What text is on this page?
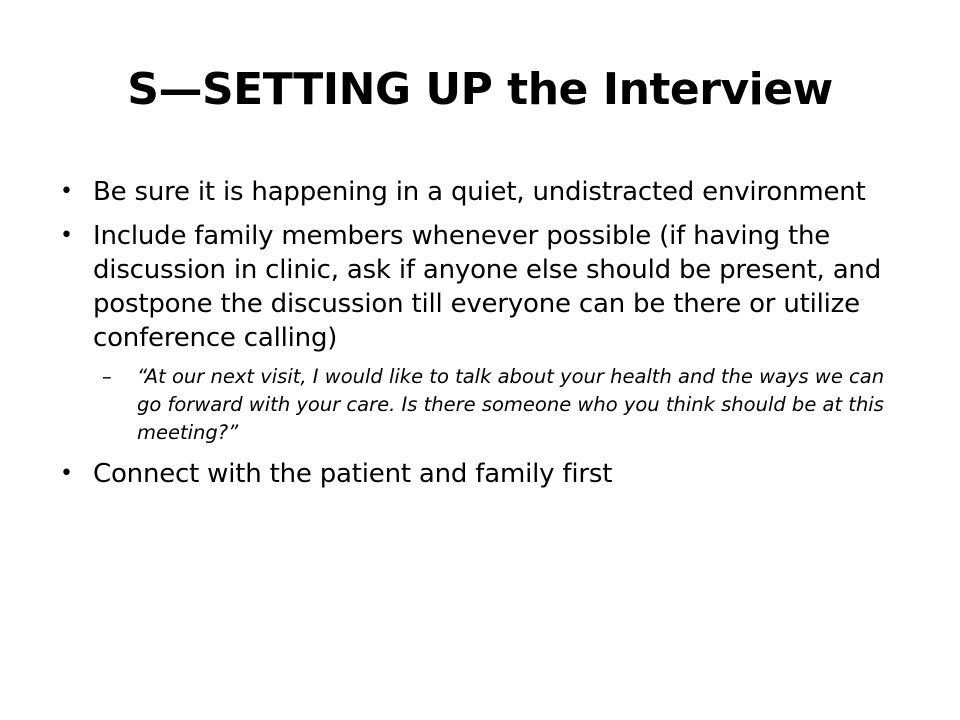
S—SETTING UP the Interview
• Be sure it is happening in a quiet, undistracted environment
• Include family members whenever possible (if having the discussion in clinic, ask if anyone else should be present, and postpone the discussion till everyone can be there or utilize conference calling)
– “At our next visit, I would like to talk about your health and the ways we can go forward with your care. Is there someone who you think should be at this meeting?”
• Connect with the patient and family first
